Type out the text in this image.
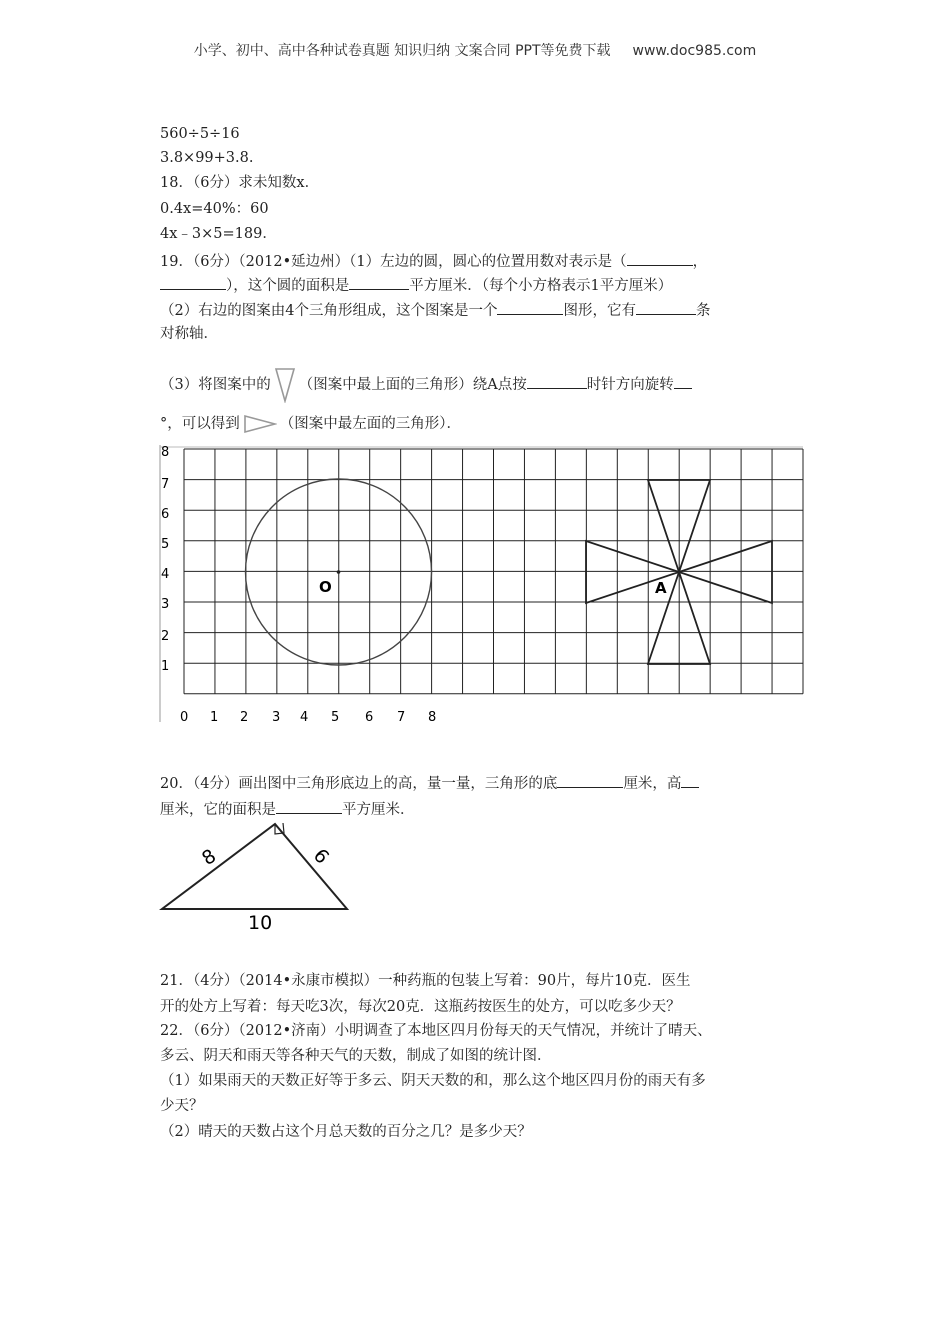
小学、初中、高中各种试卷真题 知识归纳 文案合同 PPT等免费下载 www.doc985.com
560÷5÷16
3.8×99+3.8.
18．（6分）求未知数x．
0.4x=40%：60
4x﹣3×5=189．
19．（6分）（2012•延边州）（1）左边的圆，圆心的位置用数对表示是（	，
），这个圆的面积是	平方厘米．（每个小方格表示1平方厘米）
（2）右边的图案由4个三角形组成，这个图案是一个	图形，它有	条
对称轴．
（3）将图案中的 （图案中最上面的三角形）绕A点按	时针方向旋转
°，可以得到	（图案中最左面的三角形）．
8
7
6
5
4
3
2
1
0 1 2 3 4 5 6 7 8
O	A
20．（4分）画出图中三角形底边上的高，量一量，三角形的底	厘米，高
厘米，它的面积是	平方厘米．
8	6
10
21．（4分）（2014•永康市模拟）一种药瓶的包装上写着：90片，每片10克．医生
开的处方上写着：每天吃3次，每次20克．这瓶药按医生的处方，可以吃多少天？
22．（6分）（2012•济南）小明调查了本地区四月份每天的天气情况，并统计了晴天、
多云、阴天和雨天等各种天气的天数，制成了如图的统计图．
（1）如果雨天的天数正好等于多云、阴天天数的和，那么这个地区四月份的雨天有多
少天？
（2）晴天的天数占这个月总天数的百分之几？是多少天？
